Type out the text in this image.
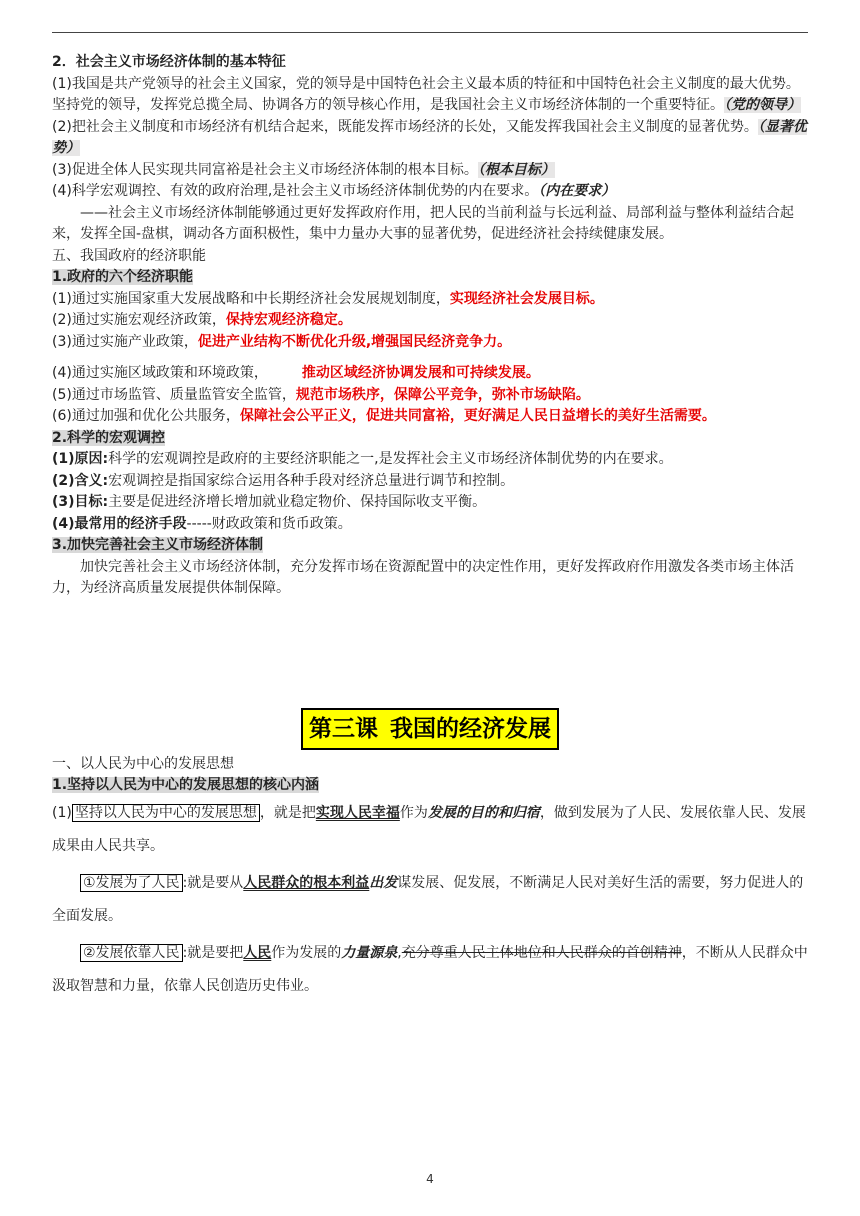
2．社会主义市场经济体制的基本特征

(1)我国是共产党领导的社会主义国家，党的领导是中国特色社会主义最本质的特征和中国特色社会主义制度的最大优势。坚持党的领导，发挥党总揽全局、协调各方的领导核心作用，是我国社会主义市场经济体制的一个重要特征。（党的领导）

(2)把社会主义制度和市场经济有机结合起来，既能发挥市场经济的长处，又能发挥我国社会主义制度的显著优势。（显著优势）

(3)促进全体人民实现共同富裕是社会主义市场经济体制的根本目标。（根本目标）

(4)科学宏观调控、有效的政府治理,是社会主义市场经济体制优势的内在要求。（内在要求）

——社会主义市场经济体制能够通过更好发挥政府作用，把人民的当前利益与长远利益、局部利益与整体利益结合起来，发挥全国-盘棋，调动各方面积极性，集中力量办大事的显著优势，促进经济社会持续健康发展。

五、我国政府的经济职能

1.政府的六个经济职能

(1)通过实施国家重大发展战略和中长期经济社会发展规划制度，实现经济社会发展目标。

(2)通过实施宏观经济政策，保持宏观经济稳定。

(3)通过实施产业政策，促进产业结构不断优化升级,增强国民经济竞争力。

(4)通过实施区域政策和环境政策， 推动区域经济协调发展和可持续发展。

(5)通过市场监管、质量监管安全监管，规范市场秩序，保障公平竞争，弥补市场缺陷。

(6)通过加强和优化公共服务，保障社会公平正义，促进共同富裕，更好满足人民日益增长的美好生活需要。

2.科学的宏观调控

(1)原因:科学的宏观调控是政府的主要经济职能之一,是发挥社会主义市场经济体制优势的内在要求。

(2)含义:宏观调控是指国家综合运用各种手段对经济总量进行调节和控制。

(3)目标:主要是促进经济增长增加就业稳定物价、保持国际收支平衡。

(4)最常用的经济手段-----财政政策和货币政策。

3.加快完善社会主义市场经济体制

加快完善社会主义市场经济体制，充分发挥市场在资源配置中的决定性作用，更好发挥政府作用激发各类市场主体活力，为经济高质量发展提供体制保障。

第三课 我国的经济发展

一、以人民为中心的发展思想

1.坚持以人民为中心的发展思想的核心内涵

(1) 坚持以人民为中心的发展思想 ，就是把实现人民幸福作为发展的目的和归宿，做到发展为了人民、发展依靠人民、发展成果由人民共享。

①发展为了人民 :就是要从人民群众的根本利益出发谋发展、促发展，不断满足人民对美好生活的需要，努力促进人的全面发展。

②发展依靠人民 :就是要把人民作为发展的力量源泉,充分尊重人民主体地位和人民群众的首创精神，不断从人民群众中汲取智慧和力量，依靠人民创造历史伟业。

4
